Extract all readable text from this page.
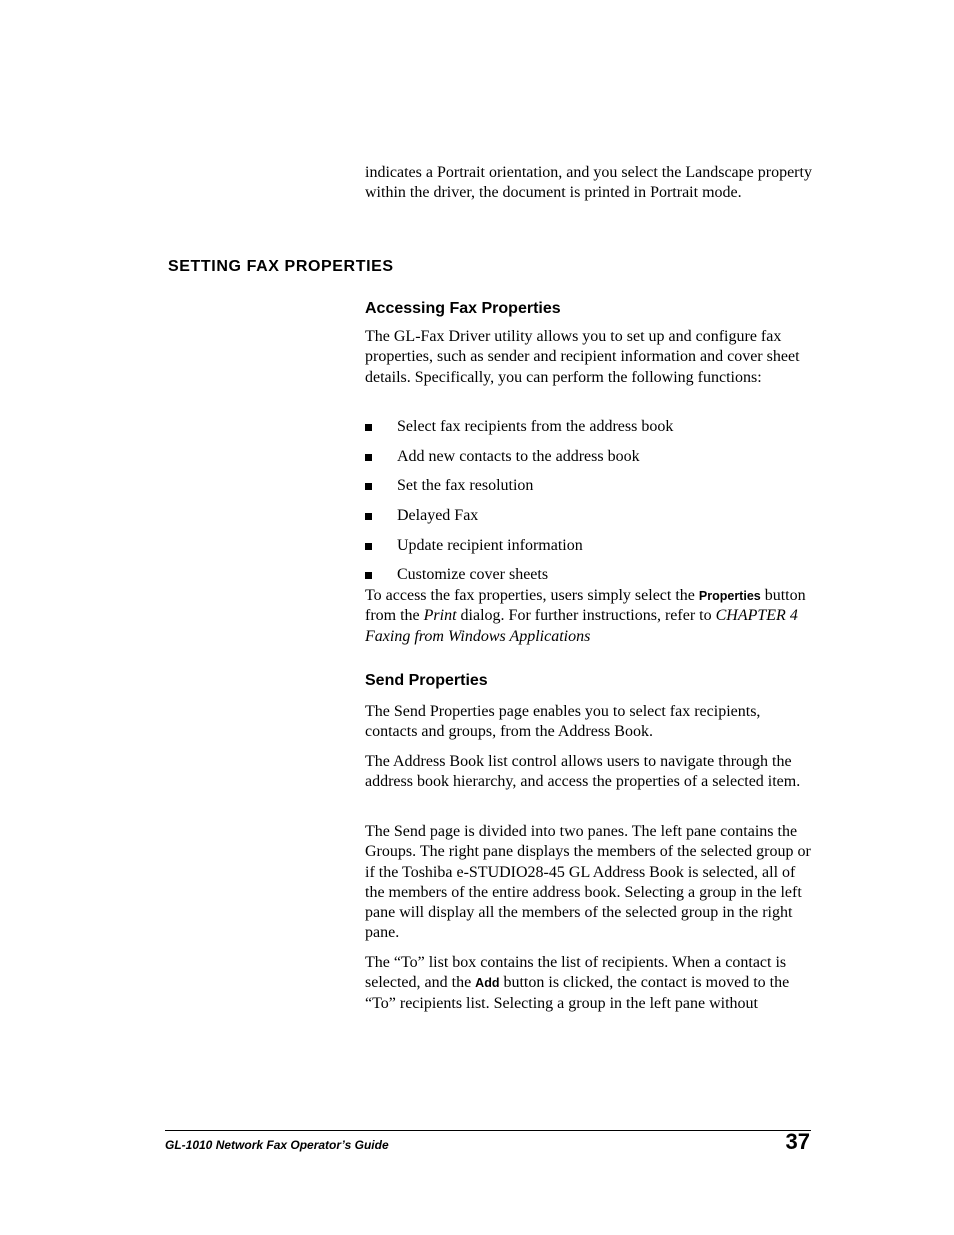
indicates a Portrait orientation, and you select the Landscape property within the driver, the document is printed in Portrait mode.

SETTING FAX PROPERTIES
Accessing Fax Properties

The GL-Fax Driver utility allows you to set up and configure fax properties, such as sender and recipient information and cover sheet details. Specifically, you can perform the following functions:

Select fax recipients from the address book
Add new contacts to the address book
Set the fax resolution
Delayed Fax
Update recipient information
Customize cover sheets

To access the fax properties, users simply select the Properties button from the Print dialog. For further instructions, refer to CHAPTER 4 Faxing from Windows Applications

Send Properties

The Send Properties page enables you to select fax recipients, contacts and groups, from the Address Book.

The Address Book list control allows users to navigate through the address book hierarchy, and access the properties of a selected item.

The Send page is divided into two panes. The left pane contains the Groups. The right pane displays the members of the selected group or if the Toshiba e-STUDIO28-45 GL Address Book is selected, all of the members of the entire address book. Selecting a group in the left pane will display all the members of the selected group in the right pane.

The “To” list box contains the list of recipients. When a contact is selected, and the Add button is clicked, the contact is moved to the “To” recipients list. Selecting a group in the left pane without

GL-1010 Network Fax Operator’s Guide	37
